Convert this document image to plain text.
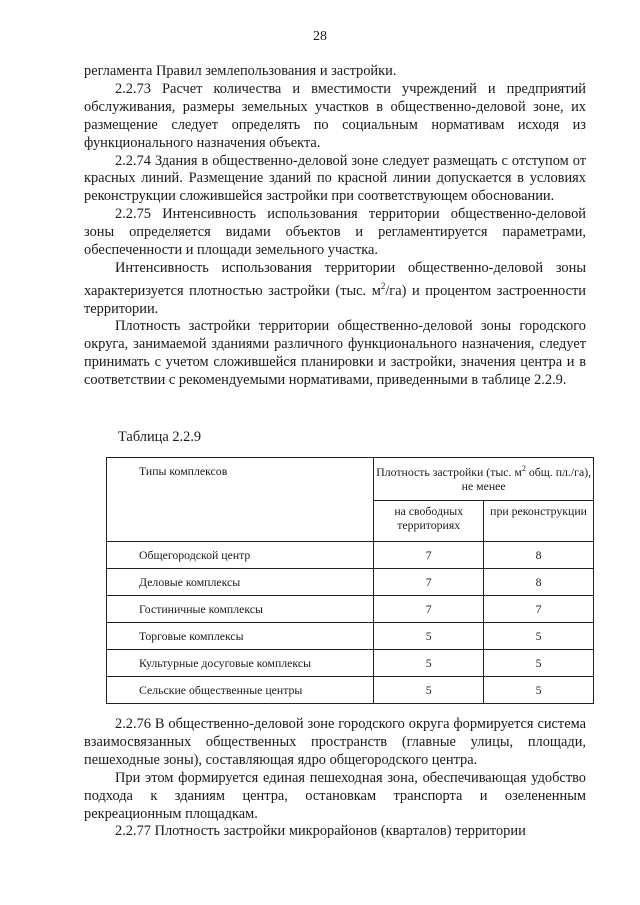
28

регламента Правил землепользования и застройки.

2.2.73 Расчет количества и вместимости учреждений и предприятий обслуживания, размеры земельных участков в общественно-деловой зоне, их размещение следует определять по социальным нормативам исходя из функционального назначения объекта.

2.2.74 Здания в общественно-деловой зоне следует размещать с отступом от красных линий. Размещение зданий по красной линии допускается в условиях реконструкции сложившейся застройки при соответствующем обосновании.

2.2.75 Интенсивность использования территории общественно-деловой зоны определяется видами объектов и регламентируется параметрами, обеспеченности и площади земельного участка.

Интенсивность использования территории общественно-деловой зоны характеризуется плотностью застройки (тыс. $м^2/га$) и процентом застроенности территории.

Плотность застройки территории общественно-деловой зоны городского округа, занимаемой зданиями различного функционального назначения, следует принимать с учетом сложившейся планировки и застройки, значения центра и в соответствии с рекомендуемыми нормативами, приведенными в таблице 2.2.9.

Таблица 2.2.9
Типы комплексов	Плотность застройки (тыс. $м^2$ общ. пл./га), не менее	
	на свободных территориях	при реконструкции
Общегородской центр	7	8
Деловые комплексы	7	8
Гостиничные комплексы	7	7
Торговые комплексы	5	5
Культурные досуговые комплексы	5	5
Сельские общественные центры	5	5

2.2.76 В общественно-деловой зоне городского округа формируется система взаимосвязанных общественных пространств (главные улицы, площади, пешеходные зоны), составляющая ядро общегородского центра.

При этом формируется единая пешеходная зона, обеспечивающая удобство подхода к зданиям центра, остановкам транспорта и озелененным рекреационным площадкам.

2.2.77 Плотность застройки микрорайонов (кварталов) территории
